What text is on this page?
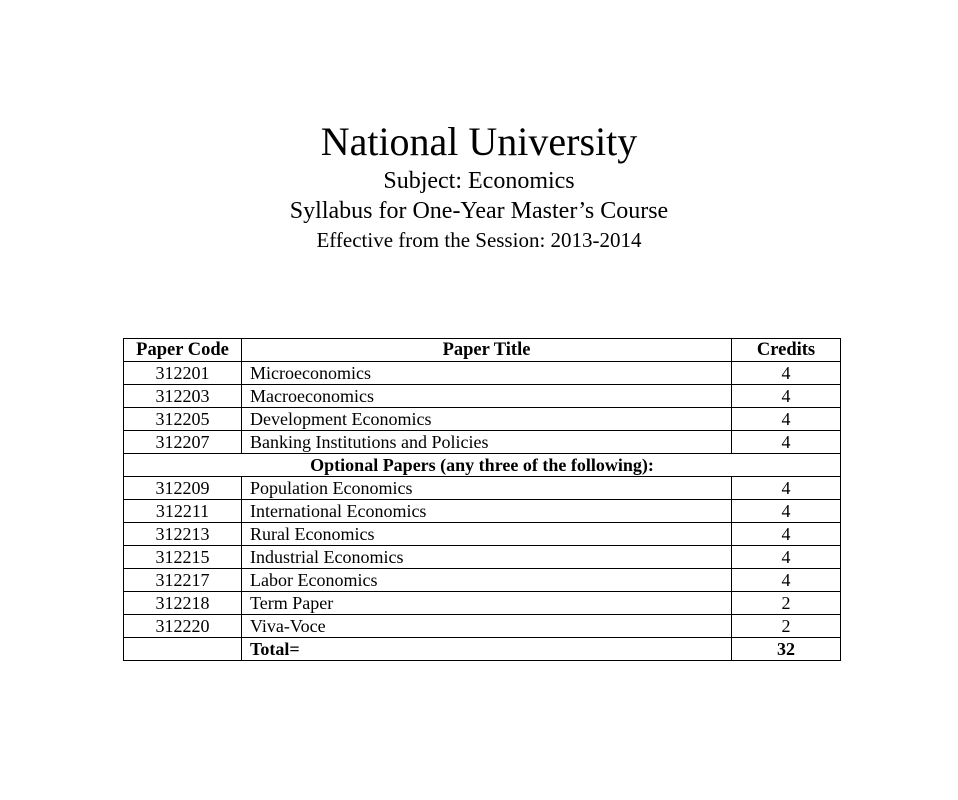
National University

Subject: Economics

Syllabus for One-Year Master’s Course

Effective from the Session: 2013-2014

Paper Code	Paper Title	Credits
312201	Microeconomics	4
312203	Macroeconomics	4
312205	Development Economics	4
312207	Banking Institutions and Policies	4
Optional Papers (any three of the following):		
312209	Population Economics	4
312211	International Economics	4
312213	Rural Economics	4
312215	Industrial Economics	4
312217	Labor Economics	4
312218	Term Paper	2
312220	Viva-Voce	2
	Total=	32
